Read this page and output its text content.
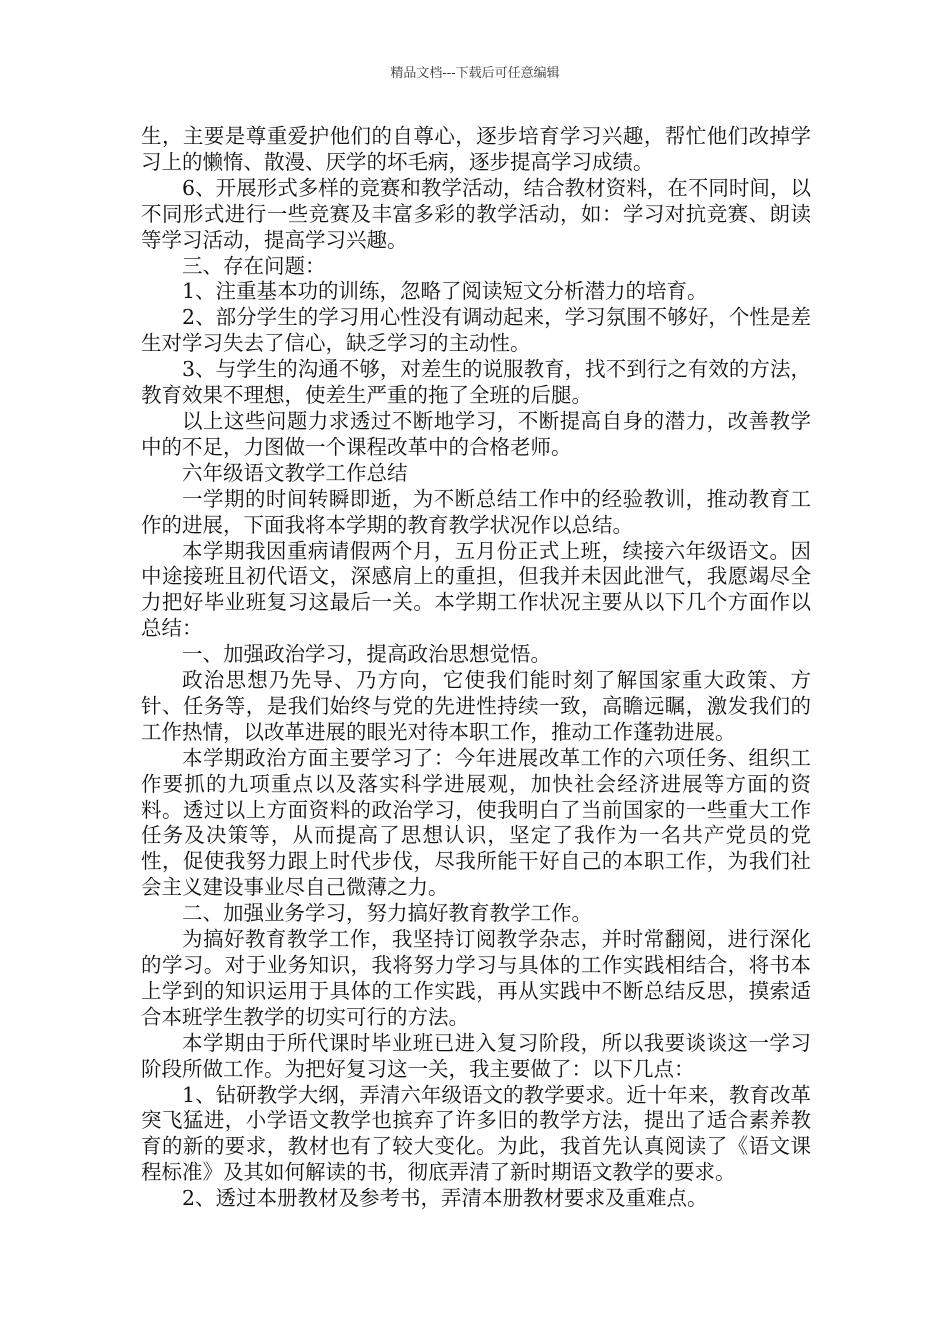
精品文档---下载后可任意编辑

生，主要是尊重爱护他们的自尊心，逐步培育学习兴趣，帮忙他们改掉学习上的懒惰、散漫、厌学的坏毛病，逐步提高学习成绩。

6、开展形式多样的竞赛和教学活动，结合教材资料，在不同时间，以不同形式进行一些竞赛及丰富多彩的教学活动，如：学习对抗竞赛、朗读等学习活动，提高学习兴趣。

三、存在问题：

1、注重基本功的训练，忽略了阅读短文分析潜力的培育。

2、部分学生的学习用心性没有调动起来，学习氛围不够好，个性是差生对学习失去了信心，缺乏学习的主动性。

3、与学生的沟通不够，对差生的说服教育，找不到行之有效的方法，教育效果不理想，使差生严重的拖了全班的后腿。

以上这些问题力求透过不断地学习，不断提高自身的潜力，改善教学中的不足，力图做一个课程改革中的合格老师。

六年级语文教学工作总结

一学期的时间转瞬即逝，为不断总结工作中的经验教训，推动教育工作的进展，下面我将本学期的教育教学状况作以总结。

本学期我因重病请假两个月，五月份正式上班，续接六年级语文。因中途接班且初代语文，深感肩上的重担，但我并未因此泄气，我愿竭尽全力把好毕业班复习这最后一关。本学期工作状况主要从以下几个方面作以总结：

一、加强政治学习，提高政治思想觉悟。

政治思想乃先导、乃方向，它使我们能时刻了解国家重大政策、方针、任务等，是我们始终与党的先进性持续一致，高瞻远瞩，激发我们的工作热情，以改革进展的眼光对待本职工作，推动工作蓬勃进展。

本学期政治方面主要学习了：今年进展改革工作的六项任务、组织工作要抓的九项重点以及落实科学进展观，加快社会经济进展等方面的资料。透过以上方面资料的政治学习，使我明白了当前国家的一些重大工作任务及决策等，从而提高了思想认识，坚定了我作为一名共产党员的党性，促使我努力跟上时代步伐，尽我所能干好自己的本职工作，为我们社会主义建设事业尽自己微薄之力。

二、加强业务学习，努力搞好教育教学工作。

为搞好教育教学工作，我坚持订阅教学杂志，并时常翻阅，进行深化的学习。对于业务知识，我将努力学习与具体的工作实践相结合，将书本上学到的知识运用于具体的工作实践，再从实践中不断总结反思，摸索适合本班学生教学的切实可行的方法。

本学期由于所代课时毕业班已进入复习阶段，所以我要谈谈这一学习阶段所做工作。为把好复习这一关，我主要做了：以下几点：

1、钻研教学大纲，弄清六年级语文的教学要求。近十年来，教育改革突飞猛进，小学语文教学也摈弃了许多旧的教学方法，提出了适合素养教育的新的要求，教材也有了较大变化。为此，我首先认真阅读了《语文课程标准》及其如何解读的书，彻底弄清了新时期语文教学的要求。

2、透过本册教材及参考书，弄清本册教材要求及重难点。
